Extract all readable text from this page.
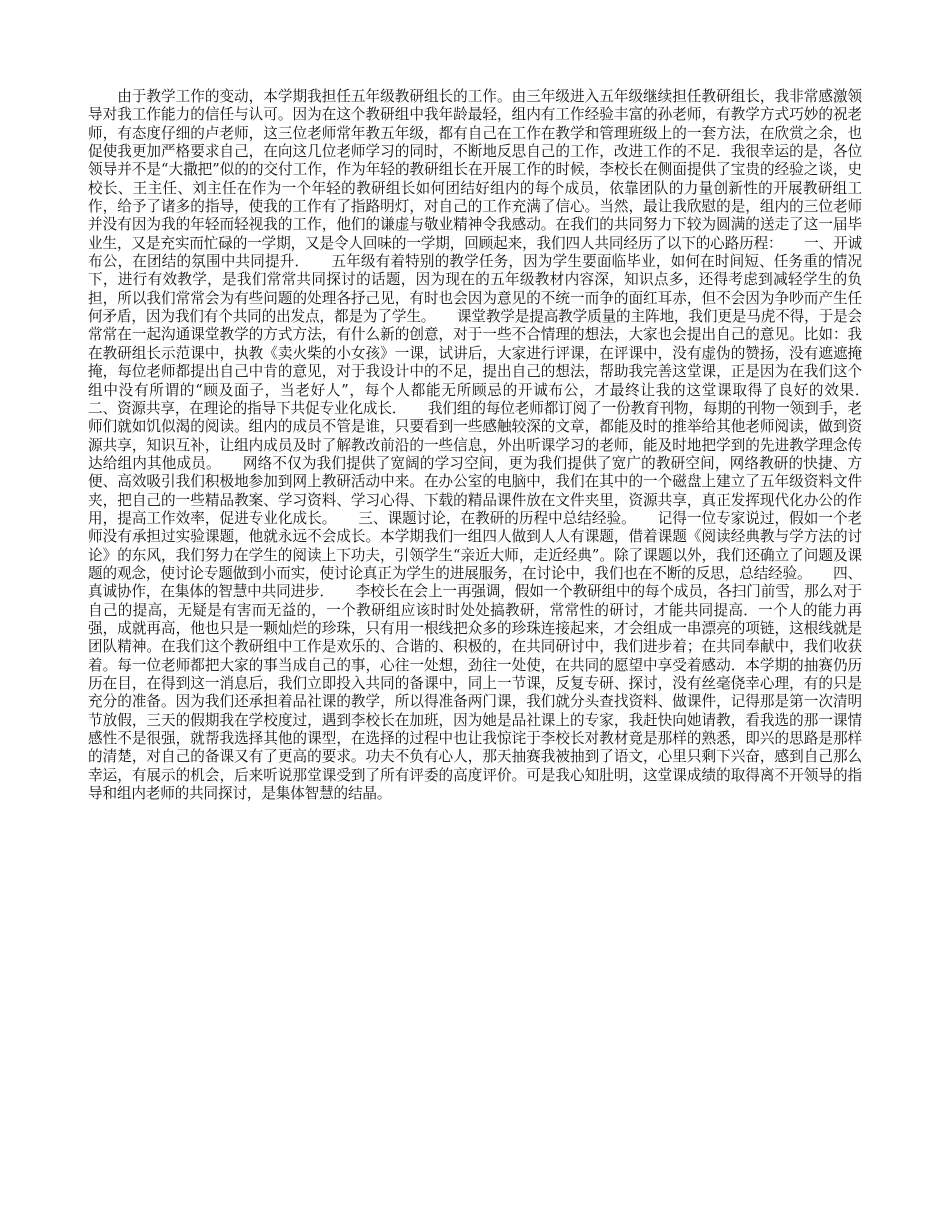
由于教学工作的变动，本学期我担任五年级教研组长的工作。由三年级进入五年级继续担任教研组长，我非常感激领导对我工作能力的信任与认可。因为在这个教研组中我年龄最轻，组内有工作经验丰富的孙老师，有教学方式巧妙的祝老师，有态度仔细的卢老师，这三位老师常年教五年级，都有自己在工作在教学和管理班级上的一套方法，在欣赏之余，也促使我更加严格要求自己，在向这几位老师学习的同时，不断地反思自己的工作，改进工作的不足．我很幸运的是，各位领导并不是“大撒把”似的的交付工作，作为年轻的教研组长在开展工作的时候，李校长在侧面提供了宝贵的经验之谈，史校长、王主任、刘主任在作为一个年轻的教研组长如何团结好组内的每个成员，依靠团队的力量创新性的开展教研组工作，给予了诸多的指导，使我的工作有了指路明灯，对自己的工作充满了信心。当然，最让我欣慰的是，组内的三位老师并没有因为我的年轻而轻视我的工作，他们的谦虚与敬业精神令我感动。在我们的共同努力下较为圆满的送走了这一届毕业生，又是充实而忙碌的一学期，又是令人回味的一学期，回顾起来，我们四人共同经历了以下的心路历程：　　一、开诚布公，在团结的氛围中共同提升．　　五年级有着特别的教学任务，因为学生要面临毕业，如何在时间短、任务重的情况下，进行有效教学，是我们常常共同探讨的话题，因为现在的五年级教材内容深，知识点多，还得考虑到减轻学生的负担，所以我们常常会为有些问题的处理各抒己见，有时也会因为意见的不统一而争的面红耳赤，但不会因为争吵而产生任何矛盾，因为我们有个共同的出发点，都是为了学生。　　课堂教学是提高教学质量的主阵地，我们更是马虎不得，于是会常常在一起沟通课堂教学的方式方法，有什么新的创意，对于一些不合情理的想法，大家也会提出自己的意见。比如：我在教研组长示范课中，执教《卖火柴的小女孩》一课，试讲后，大家进行评课，在评课中，没有虚伪的赞扬，没有遮遮掩掩，每位老师都提出自己中肯的意见，对于我设计中的不足，提出自己的想法，帮助我完善这堂课，正是因为在我们这个组中没有所谓的“顾及面子，当老好人”，每个人都能无所顾忌的开诚布公，才最终让我的这堂课取得了良好的效果．　　二、资源共享，在理论的指导下共促专业化成长．　　我们组的每位老师都订阅了一份教育刊物，每期的刊物一领到手，老师们就如饥似渴的阅读。组内的成员不管是谁，只要看到一些感触较深的文章，都能及时的推举给其他老师阅读，做到资源共享，知识互补，让组内成员及时了解教改前沿的一些信息，外出听课学习的老师，能及时地把学到的先进教学理念传达给组内其他成员。　　网络不仅为我们提供了宽阔的学习空间，更为我们提供了宽广的教研空间，网络教研的快捷、方便、高效吸引我们积极地参加到网上教研活动中来。在办公室的电脑中，我们在其中的一个磁盘上建立了五年级资料文件夹，把自己的一些精品教案、学习资料、学习心得、下载的精品课件放在文件夹里，资源共享，真正发挥现代化办公的作用，提高工作效率，促进专业化成长。　　三、课题讨论，在教研的历程中总结经验。　　记得一位专家说过，假如一个老师没有承担过实验课题，他就永远不会成长。本学期我们一组四人做到人人有课题，借着课题《阅读经典教与学方法的讨论》的东风，我们努力在学生的阅读上下功夫，引领学生“亲近大师，走近经典”。除了课题以外，我们还确立了问题及课题的观念，使讨论专题做到小而实，使讨论真正为学生的进展服务，在讨论中，我们也在不断的反思，总结经验。　　四、真诚协作，在集体的智慧中共同进步．　　李校长在会上一再强调，假如一个教研组中的每个成员，各扫门前雪，那么对于自己的提高，无疑是有害而无益的，一个教研组应该时时处处搞教研，常常性的研讨，才能共同提高．一个人的能力再强，成就再高，他也只是一颗灿烂的珍珠，只有用一根线把众多的珍珠连接起来，才会组成一串漂亮的项链，这根线就是团队精神。在我们这个教研组中工作是欢乐的、合谐的、积极的，在共同研讨中，我们进步着；在共同奉献中，我们收获着。每一位老师都把大家的事当成自己的事，心往一处想，劲往一处使，在共同的愿望中享受着感动．本学期的抽赛仍历历在目，在得到这一消息后，我们立即投入共同的备课中，同上一节课，反复专研、探讨，没有丝毫侥幸心理，有的只是充分的准备。因为我们还承担着品社课的教学，所以得准备两门课，我们就分头查找资料、做课件，记得那是第一次清明节放假，三天的假期我在学校度过，遇到李校长在加班，因为她是品社课上的专家，我赶快向她请教，看我选的那一课情感性不是很强，就帮我选择其他的课型，在选择的过程中也让我惊诧于李校长对教材竟是那样的熟悉，即兴的思路是那样的清楚，对自己的备课又有了更高的要求。功夫不负有心人，那天抽赛我被抽到了语文，心里只剩下兴奋，感到自己那么幸运，有展示的机会，后来听说那堂课受到了所有评委的高度评价。可是我心知肚明，这堂课成绩的取得离不开领导的指导和组内老师的共同探讨，是集体智慧的结晶。
